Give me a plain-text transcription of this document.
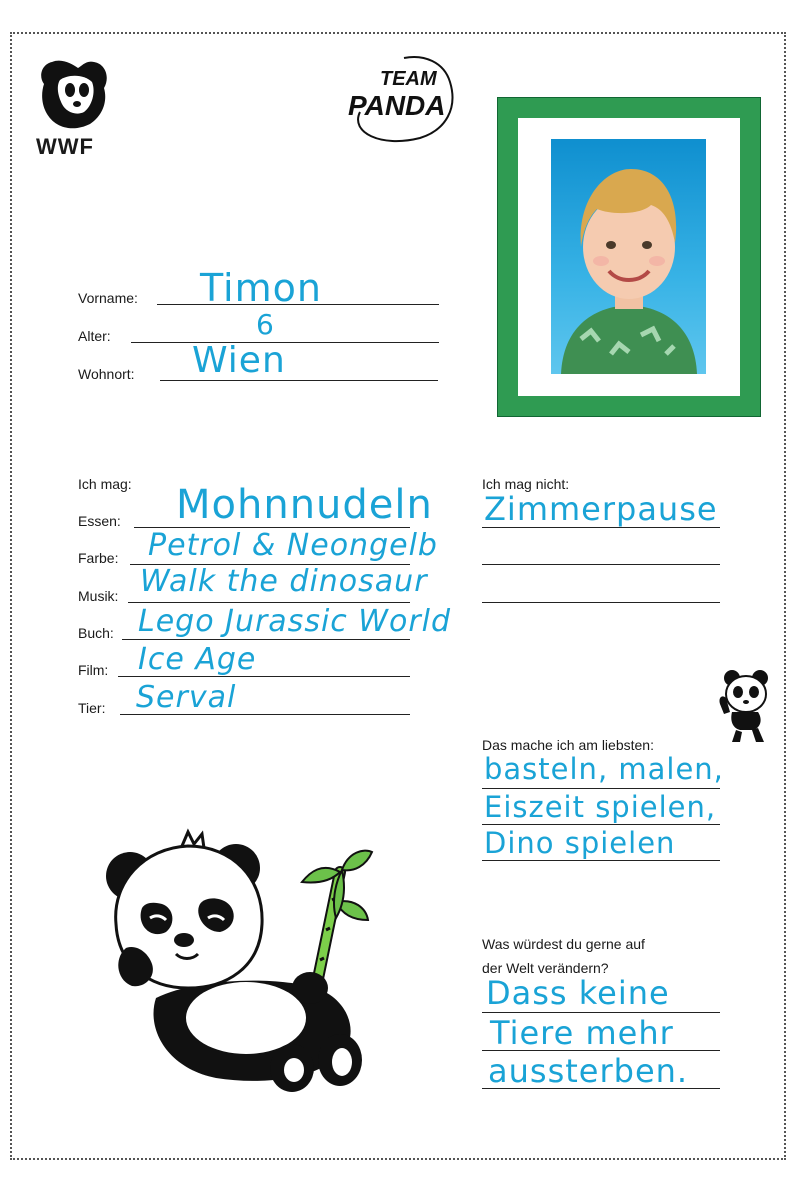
WWF
TEAM
PANDA
Vorname: Timon
Alter:	6
Wohnort: Wien
Ich mag:
Essen: Mohnnudeln
Farbe: Petrol & Neongelb
Musik: Walk the dinosaur
Buch: Lego Jurassic World
Film: Ice Age
Tier: Serval
Ich mag nicht:
Zimmerpause
Das mache ich am liebsten:
basteln, malen,
Eiszeit spielen,
Dino spielen
Was würdest du gerne auf
der Welt verändern?
Dass keine
Tiere mehr
aussterben.
